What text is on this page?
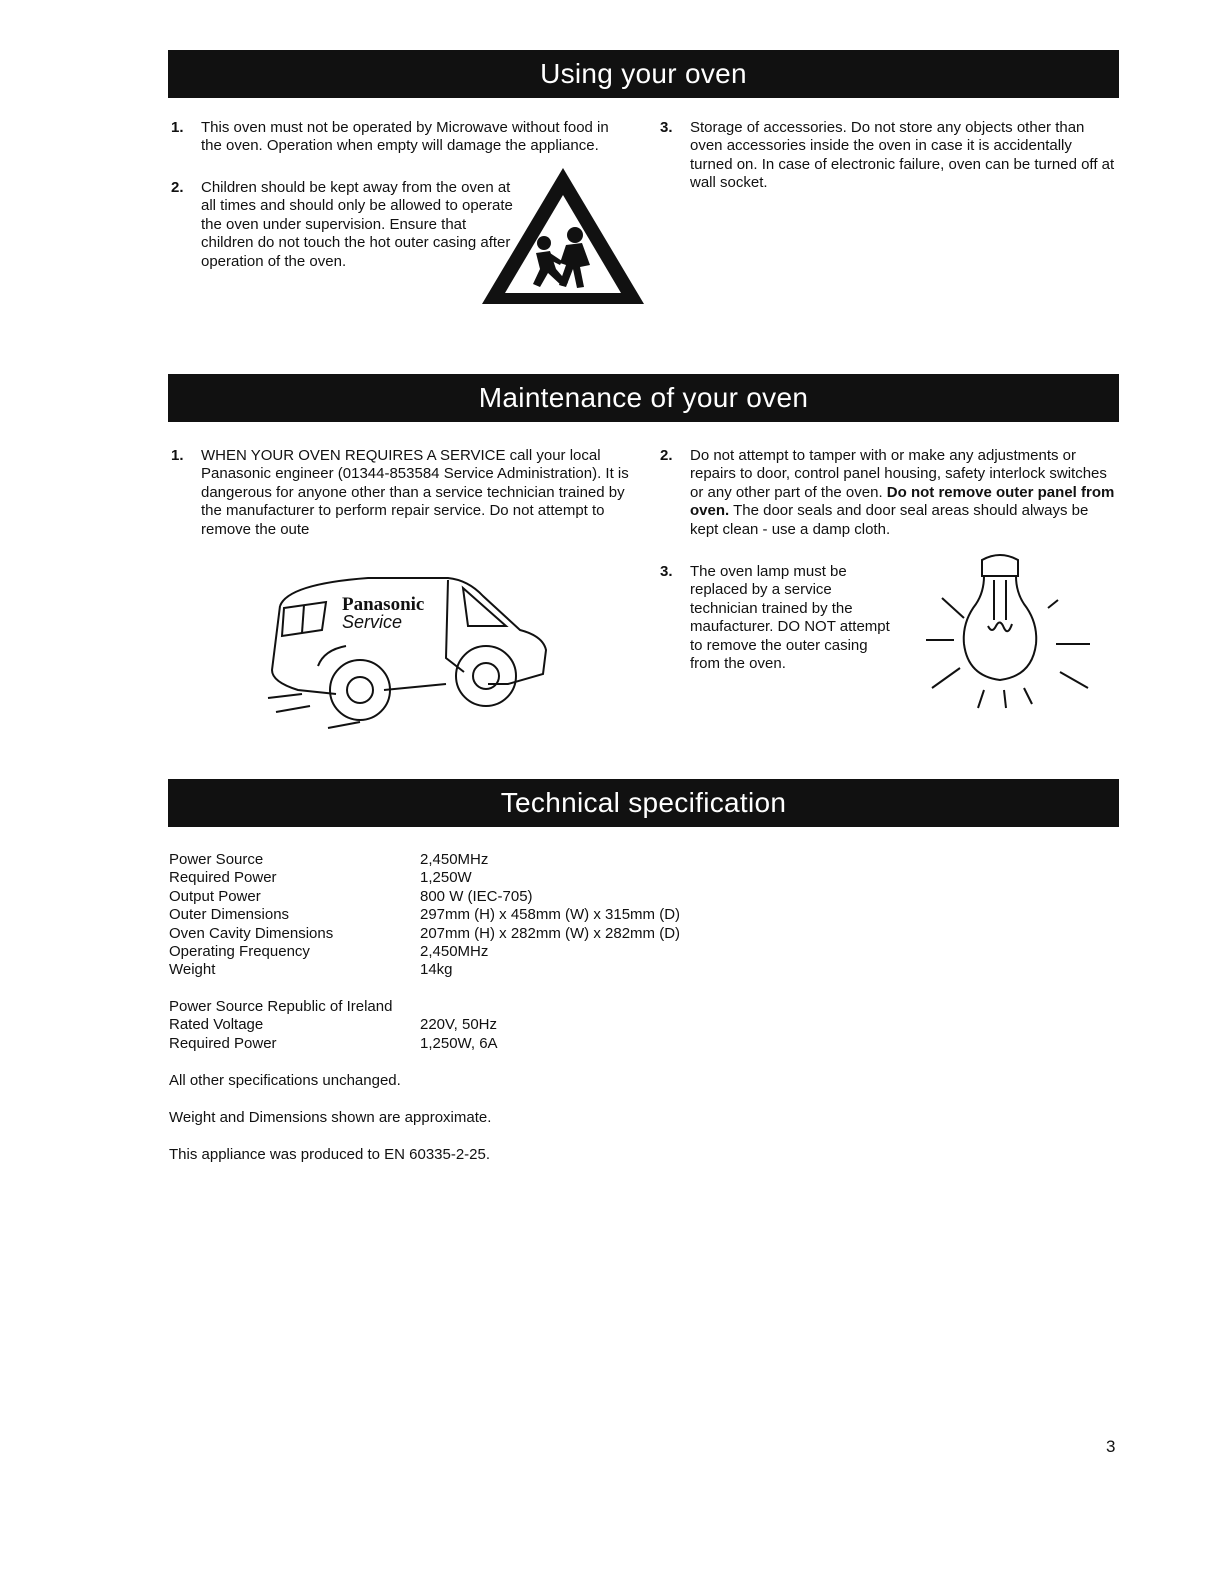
Using your oven
1. This oven must not be operated by Microwave without food in the oven. Operation when empty will damage the appliance.
2. Children should be kept away from the oven at all times and should only be allowed to operate the oven under supervision. Ensure that children do not touch the hot outer casing after operation of the oven.
3. Storage of accessories. Do not store any objects other than oven accessories inside the oven in case it is accidentally turned on. In case of electronic failure, oven can be turned off at wall socket.
Maintenance of your oven
1. WHEN YOUR OVEN REQUIRES A SERVICE call your local Panasonic engineer (01344-853584 Service Administration). It is dangerous for anyone other than a service technician trained by the manufacturer to perform repair service. Do not attempt to remove the oute
Panasonic
Service
2. Do not attempt to tamper with or make any adjustments or repairs to door, control panel housing, safety interlock switches or any other part of the oven. Do not remove outer panel from oven. The door seals and door seal areas should always be kept clean - use a damp cloth.
3. The oven lamp must be replaced by a service technician trained by the maufacturer. DO NOT attempt to remove the outer casing from the oven.
Technical specification
Power Source	2,450MHz
Required Power	1,250W
Output Power	800 W (IEC-705)
Outer Dimensions	297mm (H) x 458mm (W) x 315mm (D)
Oven Cavity Dimensions	207mm (H) x 282mm (W) x 282mm (D)
Operating Frequency	2,450MHz
Weight	14kg
Power Source Republic of Ireland
Rated Voltage	220V, 50Hz
Required Power	1,250W, 6A
All other specifications unchanged.
Weight and Dimensions shown are approximate.
This appliance was produced to EN 60335-2-25.
3
